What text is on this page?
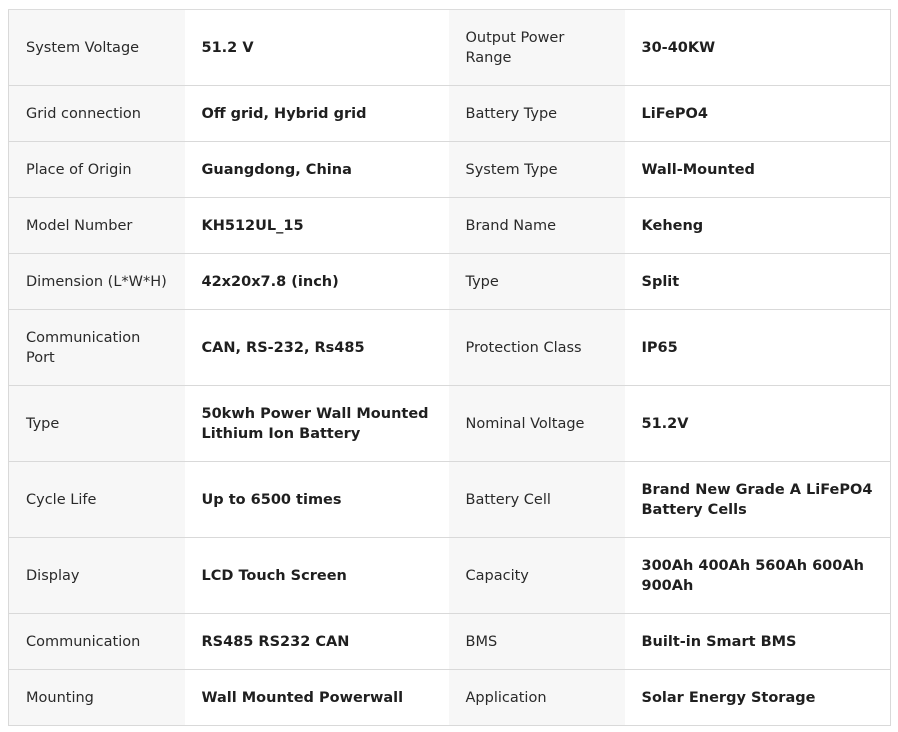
System Voltage	51.2 V	Output Power Range	30-40KW
Grid connection	Off grid, Hybrid grid	Battery Type	LiFePO4
Place of Origin	Guangdong, China	System Type	Wall-Mounted
Model Number	KH512UL_15	Brand Name	Keheng
Dimension (L*W*H)	42x20x7.8 (inch)	Type	Split
Communication Port	CAN, RS-232, Rs485	Protection Class	IP65
Type	50kwh Power Wall Mounted Lithium Ion Battery	Nominal Voltage	51.2V
Cycle Life	Up to 6500 times	Battery Cell	Brand New Grade A LiFePO4 Battery Cells
Display	LCD Touch Screen	Capacity	300Ah 400Ah 560Ah 600Ah 900Ah
Communication	RS485 RS232 CAN	BMS	Built-in Smart BMS
Mounting	Wall Mounted Powerwall	Application	Solar Energy Storage
